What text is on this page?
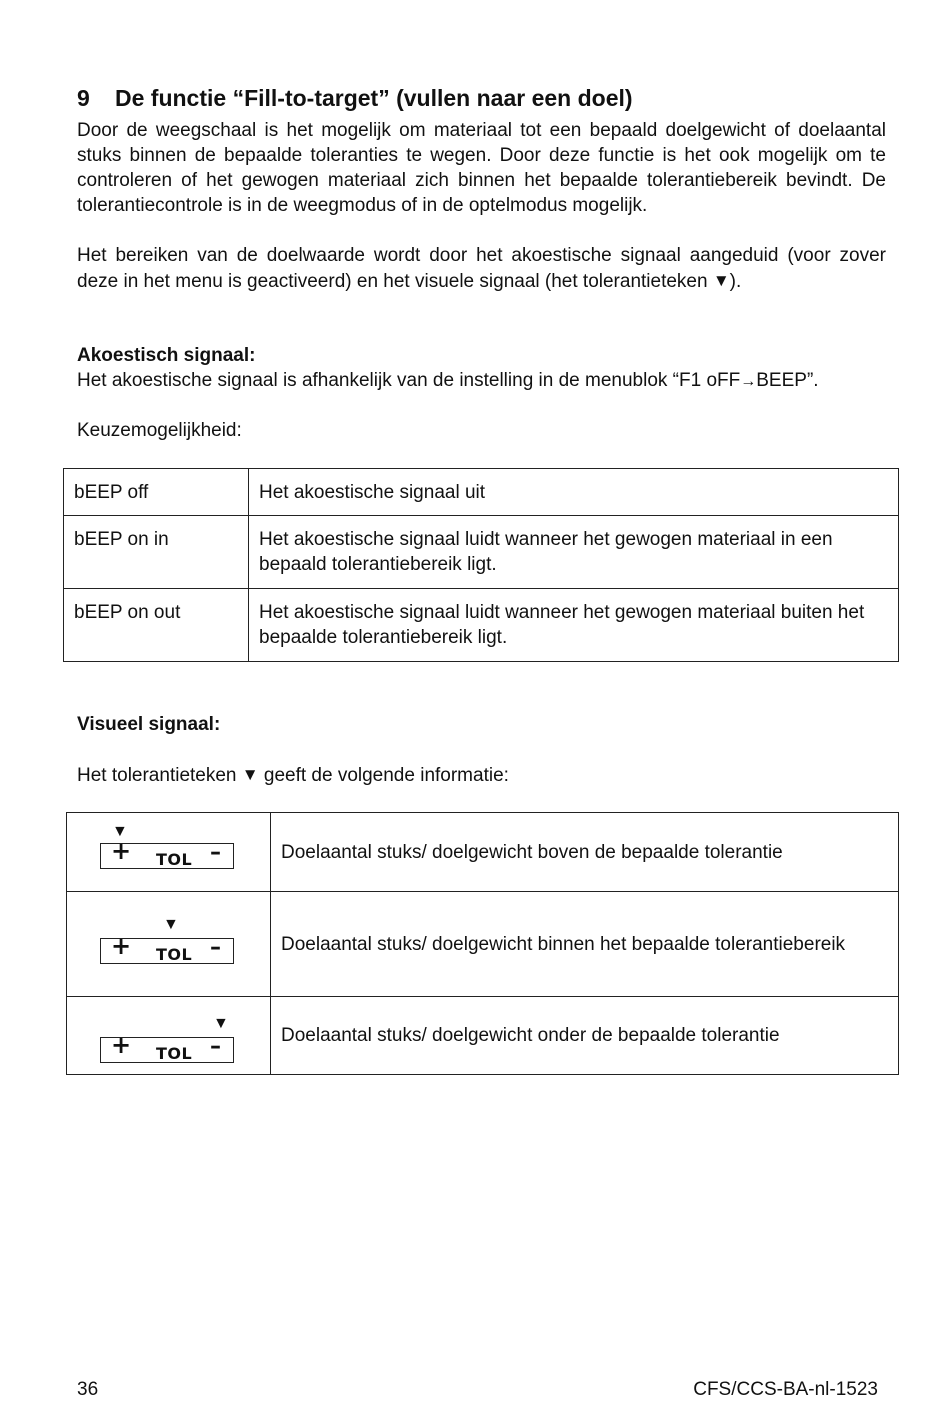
9 De functie “Fill-to-target” (vullen naar een doel)

Door de weegschaal is het mogelijk om materiaal tot een bepaald doelgewicht of doelaantal stuks binnen de bepaalde toleranties te wegen. Door deze functie is het ook mogelijk om te controleren of het gewogen materiaal zich binnen het bepaalde tolerantiebereik bevindt. De tolerantiecontrole is in de weegmodus of in de optelmodus mogelijk.

Het bereiken van de doelwaarde wordt door het akoestische signaal aangeduid (voor zover deze in het menu is geactiveerd) en het visuele signaal (het tolerantieteken ▼).

Akoestisch signaal:

Het akoestische signaal is afhankelijk van de instelling in de menublok “F1 oFF→BEEP”.

Keuzemogelijkheid:

bEEP off	Het akoestische signaal uit
bEEP on in	Het akoestische signaal luidt wanneer het gewogen materiaal in een bepaald tolerantiebereik ligt.
bEEP on out	Het akoestische signaal luidt wanneer het gewogen materiaal buiten het bepaalde tolerantiebereik ligt.

Visueel signaal:

Het tolerantieteken ▼ geeft de volgende informatie:

▼
+ TOL –	Doelaantal stuks/ doelgewicht boven de bepaalde tolerantie

▼
+ TOL –	Doelaantal stuks/ doelgewicht binnen het bepaalde tolerantiebereik

▼
+ TOL –	Doelaantal stuks/ doelgewicht onder de bepaalde tolerantie
36	CFS/CCS-BA-nl-1523
